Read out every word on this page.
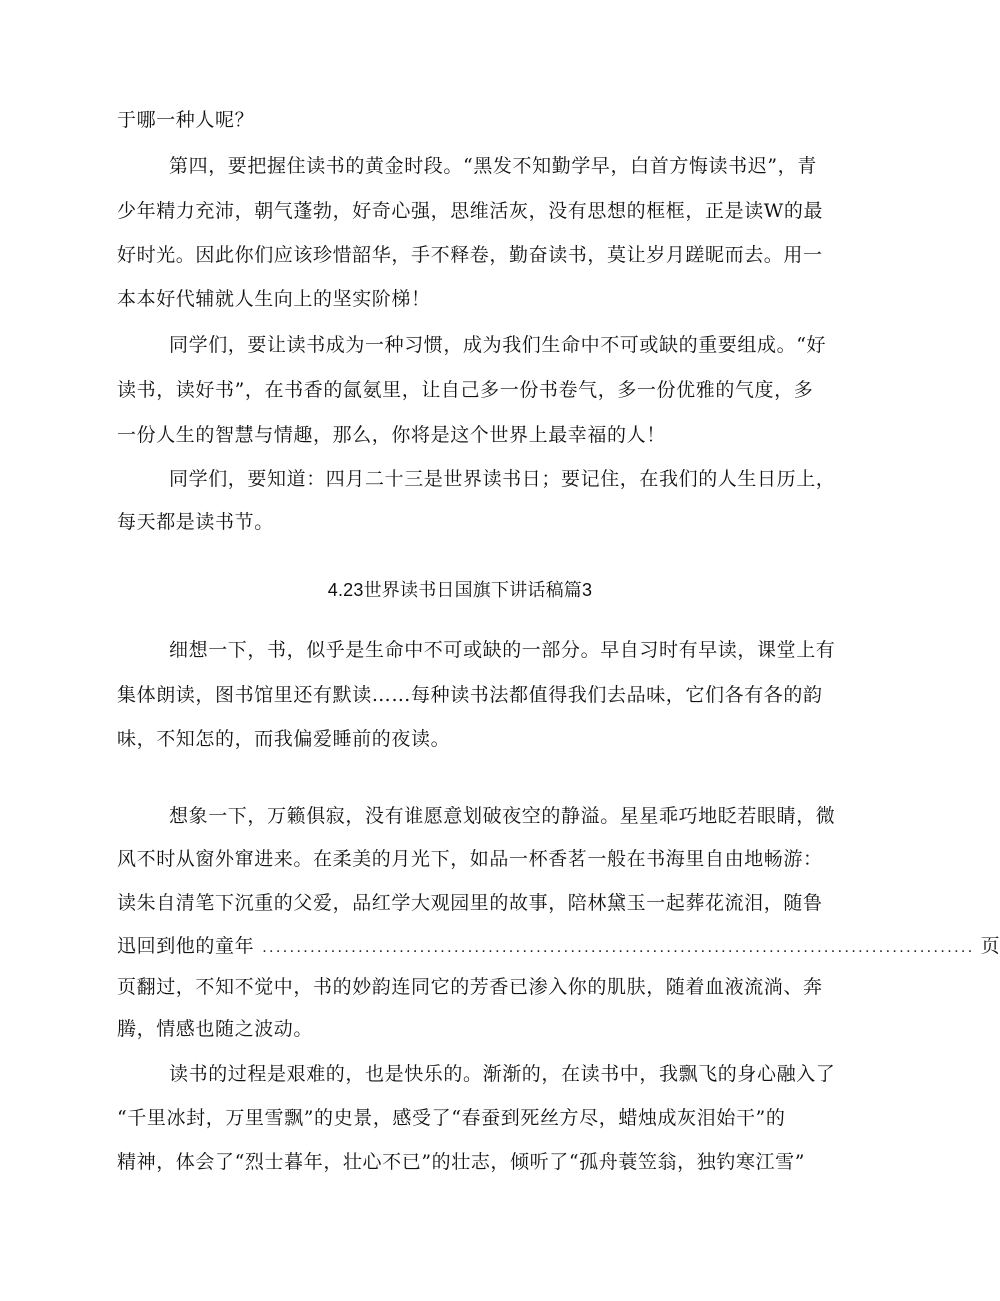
于哪一种人呢？
第四，要把握住读书的黄金时段。“黑发不知勤学早，白首方悔读书迟”，青
少年精力充沛，朝气蓬勃，好奇心强，思维活灰，没有思想的框框，正是读W的最
好时光。因此你们应该珍惜韶华，手不释卷，勤奋读书，莫让岁月蹉昵而去。用一
本本好代辅就人生向上的坚实阶梯！
同学们，要让读书成为一种习惯，成为我们生命中不可或缺的重要组成。“好
读书，读好书”，在书香的氤氨里，让自己多一份书卷气，多一份优雅的气度，多
一份人生的智慧与情趣，那么，你将是这个世界上最幸福的人！
同学们，要知道：四月二十三是世界读书日；要记住，在我们的人生日历上，
每天都是读书节。
4.23世界读书日国旗下讲话稿篇3
细想一下，书，似乎是生命中不可或缺的一部分。早自习时有早读，课堂上有
集体朗读，图书馆里还有默读……每种读书法都值得我们去品味，它们各有各的韵
味，不知怎的，而我偏爱睡前的夜读。
想象一下，万籁俱寂，没有谁愿意划破夜空的静溢。星星乖巧地眨若眼睛，微
风不时从窗外窜进来。在柔美的月光下，如品一杯香茗一般在书海里自由地畅游：
读朱自清笔下沉重的父爱，品红学大观园里的故事，陪林黛玉一起葬花流泪，随鲁
迅回到他的童年 ........................................................................................................ 页
页翻过，不知不觉中，书的妙韵连同它的芳香已渗入你的肌肤，随着血液流淌、奔
腾，情感也随之波动。
读书的过程是艰难的，也是快乐的。渐渐的，在读书中，我飘飞的身心融入了
“千里冰封，万里雪飘”的史景，感受了“春蚕到死丝方尽，蜡烛成灰泪始干”的
精神，体会了“烈士暮年，壮心不已”的壮志，倾听了“孤舟蓑笠翁，独钓寒江雪”
